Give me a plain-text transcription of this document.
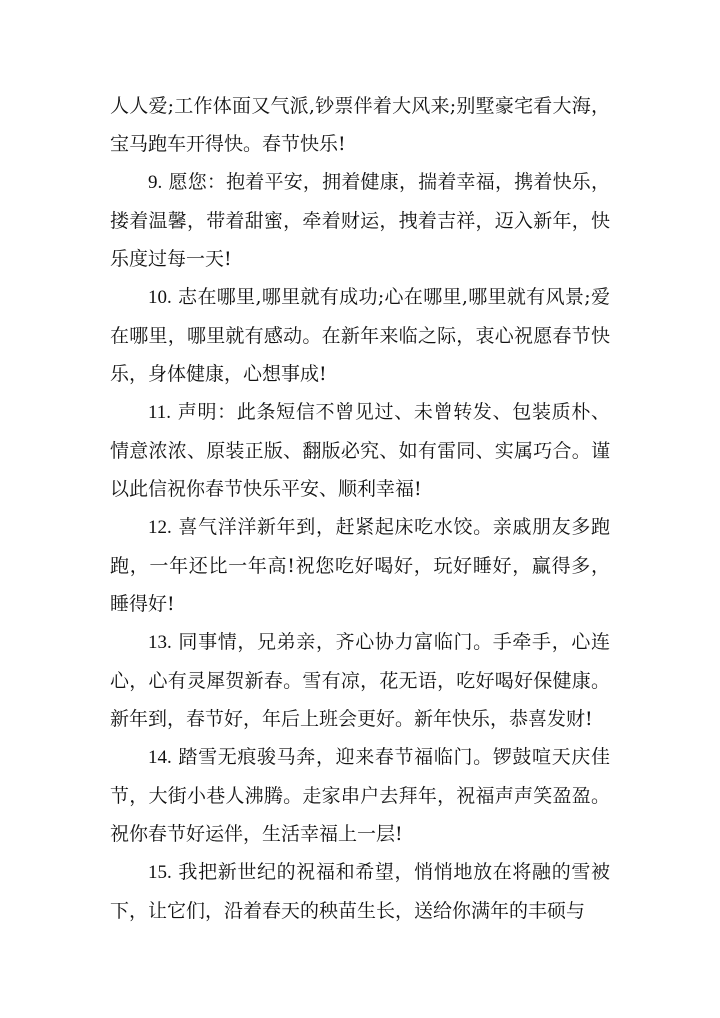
人人爱;工作体面又气派,钞票伴着大风来;别墅豪宅看大海，宝马跑车开得快。春节快乐!

9. 愿您：抱着平安，拥着健康，揣着幸福，携着快乐，搂着温馨，带着甜蜜，牵着财运，拽着吉祥，迈入新年，快乐度过每一天!

10. 志在哪里,哪里就有成功;心在哪里,哪里就有风景;爱在哪里，哪里就有感动。在新年来临之际，衷心祝愿春节快乐，身体健康，心想事成!

11. 声明：此条短信不曾见过、未曾转发、包装质朴、情意浓浓、原装正版、翻版必究、如有雷同、实属巧合。谨以此信祝你春节快乐平安、顺利幸福!

12. 喜气洋洋新年到，赶紧起床吃水饺。亲戚朋友多跑跑，一年还比一年高!祝您吃好喝好，玩好睡好，赢得多，睡得好!

13. 同事情，兄弟亲，齐心协力富临门。手牵手，心连心，心有灵犀贺新春。雪有凉，花无语，吃好喝好保健康。新年到，春节好，年后上班会更好。新年快乐，恭喜发财!

14. 踏雪无痕骏马奔，迎来春节福临门。锣鼓喧天庆佳节，大街小巷人沸腾。走家串户去拜年，祝福声声笑盈盈。祝你春节好运伴，生活幸福上一层!

15. 我把新世纪的祝福和希望，悄悄地放在将融的雪被下，让它们，沿着春天的秧苗生长，送给你满年的丰硕与
